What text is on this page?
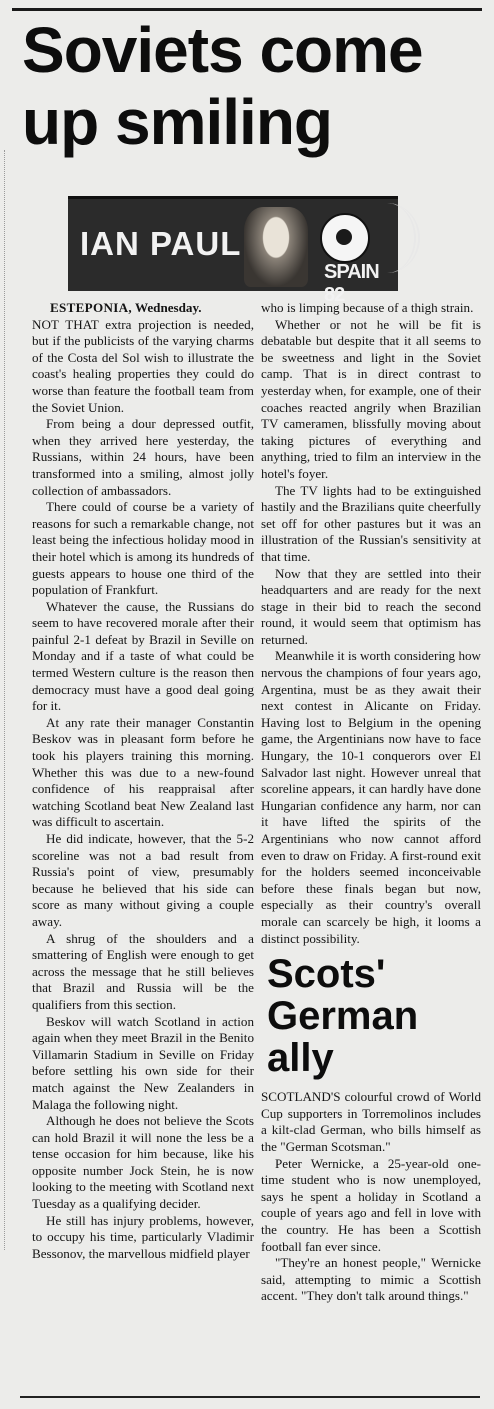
Soviets come up smiling
IAN PAUL
SPAIN 82

ESTEPONIA, Wednesday.

NOT THAT extra projection is needed, but if the publicists of the varying charms of the Costa del Sol wish to illustrate the coast's healing properties they could do worse than feature the football team from the Soviet Union.

From being a dour depressed outfit, when they arrived here yesterday, the Russians, within 24 hours, have been transformed into a smiling, almost jolly collection of ambassadors.

There could of course be a variety of reasons for such a remarkable change, not least being the infectious holiday mood in their hotel which is among its hundreds of guests appears to house one third of the population of Frankfurt.

Whatever the cause, the Russians do seem to have recovered morale after their painful 2-1 defeat by Brazil in Seville on Monday and if a taste of what could be termed Western culture is the reason then democracy must have a good deal going for it.

At any rate their manager Constantin Beskov was in pleasant form before he took his players training this morning. Whether this was due to a new-found confidence of his reappraisal after watching Scotland beat New Zealand last was difficult to ascertain.

He did indicate, however, that the 5-2 scoreline was not a bad result from Russia's point of view, presumably because he believed that his side can score as many without giving a couple away.

A shrug of the shoulders and a smattering of English were enough to get across the message that he still believes that Brazil and Russia will be the qualifiers from this section.

Beskov will watch Scotland in action again when they meet Brazil in the Benito Villamarin Stadium in Seville on Friday before settling his own side for their match against the New Zealanders in Malaga the following night.

Although he does not believe the Scots can hold Brazil it will none the less be a tense occasion for him because, like his opposite number Jock Stein, he is now looking to the meeting with Scotland next Tuesday as a qualifying decider.

He still has injury problems, however, to occupy his time, particularly Vladimir Bessonov, the marvellous midfield player

who is limping because of a thigh strain.

Whether or not he will be fit is debatable but despite that it all seems to be sweetness and light in the Soviet camp. That is in direct contrast to yesterday when, for example, one of their coaches reacted angrily when Brazilian TV cameramen, blissfully moving about taking pictures of everything and anything, tried to film an interview in the hotel's foyer.

The TV lights had to be extinguished hastily and the Brazilians quite cheerfully set off for other pastures but it was an illustration of the Russian's sensitivity at that time.

Now that they are settled into their headquarters and are ready for the next stage in their bid to reach the second round, it would seem that optimism has returned.

Meanwhile it is worth considering how nervous the champions of four years ago, Argentina, must be as they await their next contest in Alicante on Friday. Having lost to Belgium in the opening game, the Argentinians now have to face Hungary, the 10-1 conquerors over El Salvador last night. However unreal that scoreline appears, it can hardly have done Hungarian confidence any harm, nor can it have lifted the spirits of the Argentinians who now cannot afford even to draw on Friday. A first-round exit for the holders seemed inconceivable before these finals began but now, especially as their country's overall morale can scarcely be high, it looms a distinct possibility.

Scots' German ally

SCOTLAND'S colourful crowd of World Cup supporters in Torremolinos includes a kilt-clad German, who bills himself as the "German Scotsman."

Peter Wernicke, a 25-year-old one-time student who is now unemployed, says he spent a holiday in Scotland a couple of years ago and fell in love with the country. He has been a Scottish football fan ever since.

"They're an honest people," Wernicke said, attempting to mimic a Scottish accent. "They don't talk around things."
